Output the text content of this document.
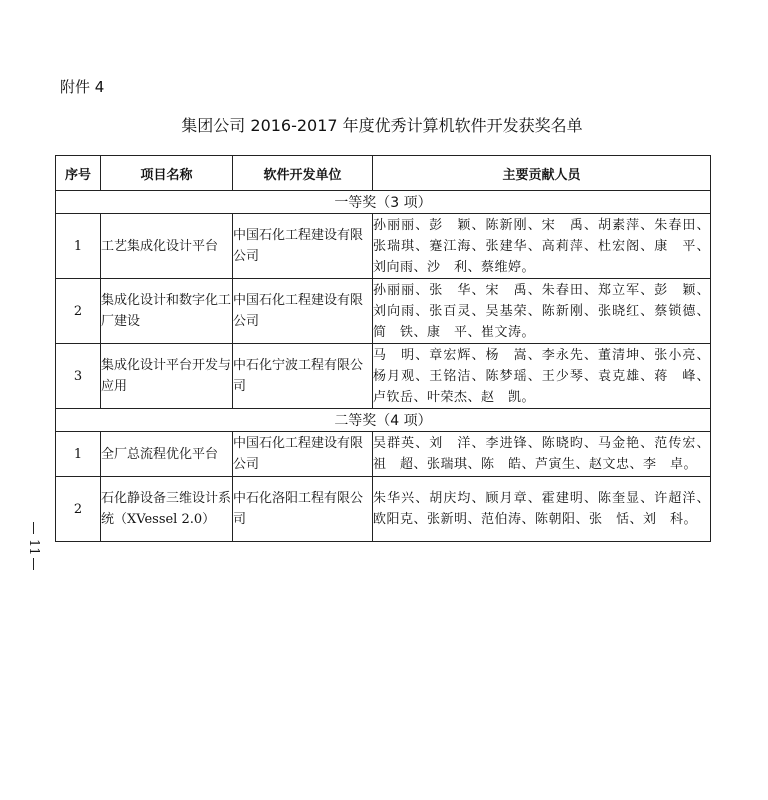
附件 4
集团公司 2016-2017 年度优秀计算机软件开发获奖名单
序号	项目名称	软件开发单位	主要贡献人员
一等奖（3 项）			
1	工艺集成化设计平台	中国石化工程建设有限公司	孙丽丽、彭　颖、陈新刚、宋　禹、胡素萍、朱春田、张瑞琪、蹇江海、张建华、高莉萍、杜宏阁、康　平、刘向雨、沙　利、蔡维婷。
2	集成化设计和数字化工厂建设	中国石化工程建设有限公司	孙丽丽、张　华、宋　禹、朱春田、郑立军、彭　颖、刘向雨、张百灵、吴基荣、陈新刚、张晓红、蔡锁德、简　铁、康　平、崔文涛。
3	集成化设计平台开发与应用	中石化宁波工程有限公司	马　明、章宏辉、杨　嵩、李永先、董清坤、张小亮、杨月观、王铭洁、陈梦瑶、王少琴、袁克雄、蒋　峰、卢钦岳、叶荣杰、赵　凯。
二等奖（4 项）			
1	全厂总流程优化平台	中国石化工程建设有限公司	吴群英、刘　洋、李进锋、陈晓昀、马金艳、范传宏、祖　超、张瑞琪、陈　皓、芦寅生、赵文忠、李　卓。
2	石化静设备三维设计系统（XVessel 2.0）	中石化洛阳工程有限公司	朱华兴、胡庆均、顾月章、霍建明、陈奎显、许超洋、欧阳克、张新明、范伯涛、陈朝阳、张　恬、刘　科。
11
